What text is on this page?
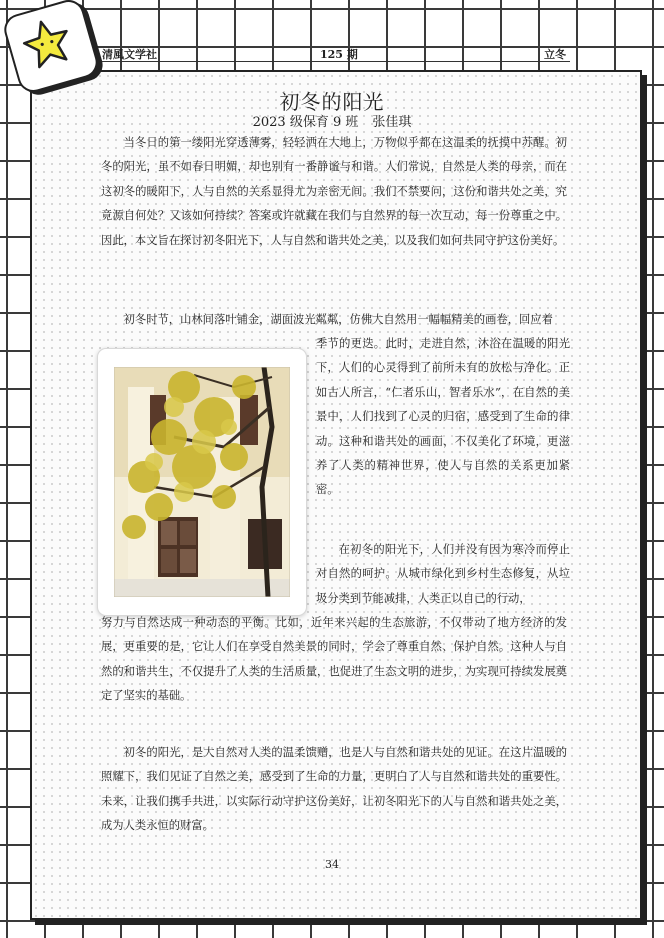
清風文学社	125 期	立冬
初冬的阳光
2023 级保育 9 班 张佳琪

当冬日的第一缕阳光穿透薄雾，轻轻洒在大地上，万物似乎都在这温柔的抚摸中苏醒。初冬的阳光，虽不如春日明媚，却也别有一番静谧与和谐。人们常说，自然是人类的母亲，而在这初冬的暖阳下，人与自然的关系显得尤为亲密无间。我们不禁要问，这份和谐共处之美，究竟源自何处？又该如何持续？答案或许就藏在我们与自然界的每一次互动，每一份尊重之中。因此，本文旨在探讨初冬阳光下，人与自然和谐共处之美，以及我们如何共同守护这份美好。

初冬时节，山林间落叶铺金，湖面波光粼粼，仿佛大自然用一幅幅精美的画卷，回应着

季节的更迭。此时，走进自然，沐浴在温暖的阳光下，人们的心灵得到了前所未有的放松与净化。正如古人所言，“仁者乐山，智者乐水”，在自然的美景中，人们找到了心灵的归宿，感受到了生命的律动。这种和谐共处的画面，不仅美化了环境，更滋养了人类的精神世界，使人与自然的关系更加紧密。

在初冬的阳光下，人们并没有因为寒冷而停止对自然的呵护。从城市绿化到乡村生态修复，从垃圾分类到节能减排，人类正以自己的行动，

努力与自然达成一种动态的平衡。比如，近年来兴起的生态旅游，不仅带动了地方经济的发展，更重要的是，它让人们在享受自然美景的同时，学会了尊重自然、保护自然。这种人与自然的和谐共生，不仅提升了人类的生活质量，也促进了生态文明的进步，为实现可持续发展奠定了坚实的基础。

初冬的阳光，是大自然对人类的温柔馈赠，也是人与自然和谐共处的见证。在这片温暖的照耀下，我们见证了自然之美，感受到了生命的力量，更明白了人与自然和谐共处的重要性。未来，让我们携手共进，以实际行动守护这份美好，让初冬阳光下的人与自然和谐共处之美，成为人类永恒的财富。

34
